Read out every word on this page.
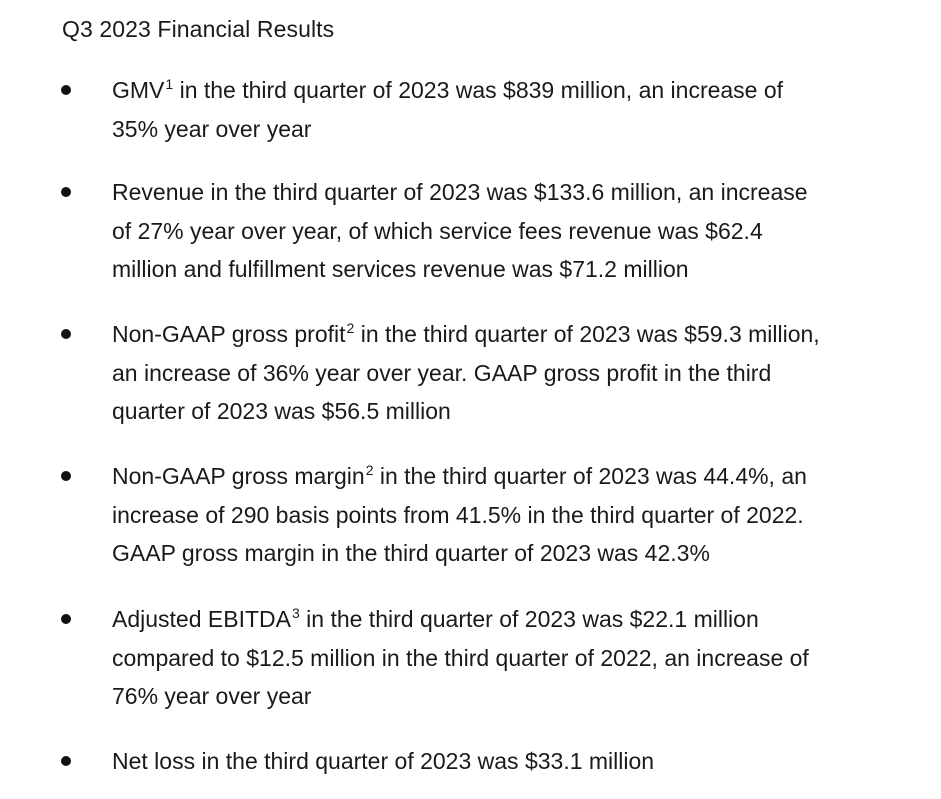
Q3 2023 Financial Results
GMV$^1$ in the third quarter of 2023 was $839 million, an increase of
35% year over year
Revenue in the third quarter of 2023 was $133.6 million, an increase
of 27% year over year, of which service fees revenue was $62.4
million and fulfillment services revenue was $71.2 million
Non-GAAP gross profit$^2$ in the third quarter of 2023 was $59.3 million,
an increase of 36% year over year. GAAP gross profit in the third
quarter of 2023 was $56.5 million
Non-GAAP gross margin$^2$ in the third quarter of 2023 was 44.4%, an
increase of 290 basis points from 41.5% in the third quarter of 2022.
GAAP gross margin in the third quarter of 2023 was 42.3%
Adjusted EBITDA$^3$ in the third quarter of 2023 was $22.1 million
compared to $12.5 million in the third quarter of 2022, an increase of
76% year over year
Net loss in the third quarter of 2023 was $33.1 million
